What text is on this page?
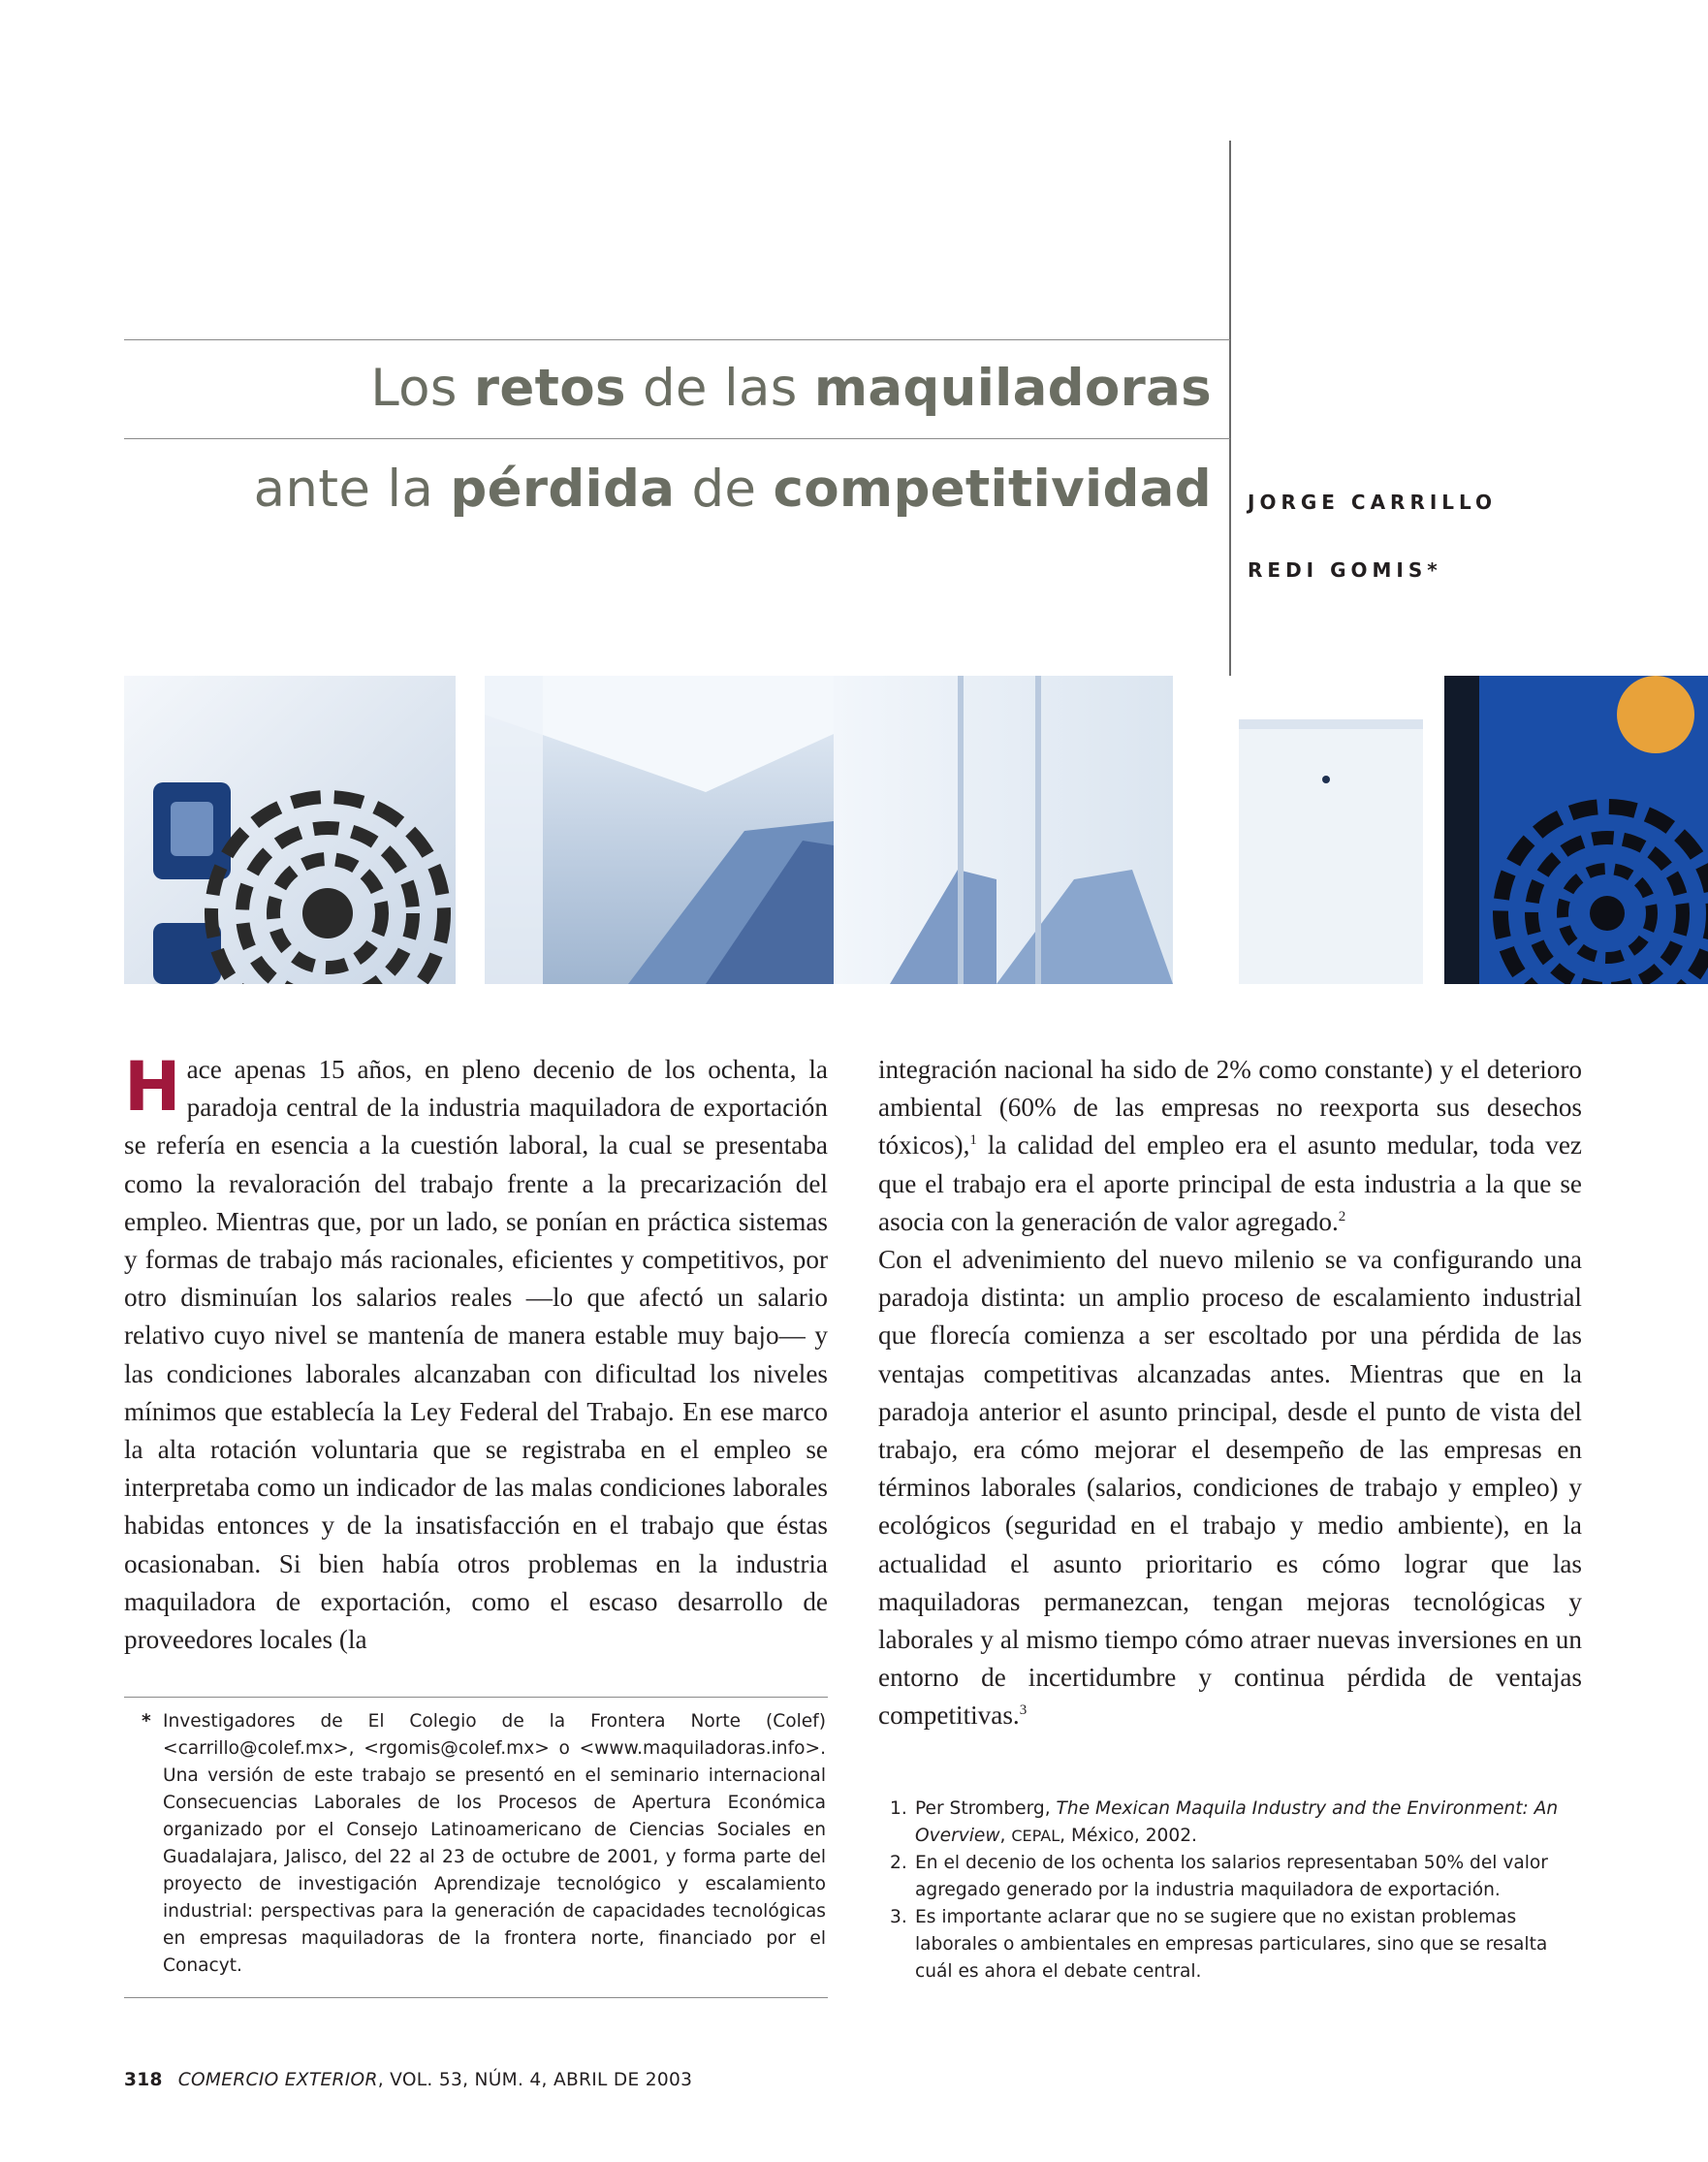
Los retos de las maquiladoras
ante la pérdida de competitividad JORGE CARRILLO
REDI GOMIS*

Hace apenas 15 años, en pleno decenio de los ochenta, la paradoja central de la industria maquiladora de exportación se refería en esencia a la cuestión laboral, la cual se presentaba como la revaloración del trabajo frente a la precarización del empleo. Mientras que, por un lado, se ponían en práctica sistemas y formas de trabajo más racionales, eficientes y competitivos, por otro disminuían los salarios reales —lo que afectó un salario relativo cuyo nivel se mantenía de manera estable muy bajo— y las condiciones laborales alcanzaban con dificultad los niveles mínimos que establecía la Ley Federal del Trabajo. En ese marco la alta rotación voluntaria que se registraba en el empleo se interpretaba como un indicador de las malas condiciones laborales habidas entonces y de la insatisfacción en el trabajo que éstas ocasionaban. Si bien había otros problemas en la industria maquiladora de exportación, como el escaso desarrollo de proveedores locales (la

* Investigadores de El Colegio de la Frontera Norte (Colef) <carrillo@colef.mx>, <rgomis@colef.mx> o <www.maquiladoras.info>. Una versión de este trabajo se presentó en el seminario internacional Consecuencias Laborales de los Procesos de Apertura Económica organizado por el Consejo Latinoamericano de Ciencias Sociales en Guadalajara, Jalisco, del 22 al 23 de octubre de 2001, y forma parte del proyecto de investigación Aprendizaje tecnológico y escalamiento industrial: perspectivas para la generación de capacidades tecnológicas en empresas maquiladoras de la frontera norte, financiado por el Conacyt.

integración nacional ha sido de 2% como constante) y el deterioro ambiental (60% de las empresas no reexporta sus desechos tóxicos),$^1$ la calidad del empleo era el asunto medular, toda vez que el trabajo era el aporte principal de esta industria a la que se asocia con la generación de valor agregado.$^2$

Con el advenimiento del nuevo milenio se va configurando una paradoja distinta: un amplio proceso de escalamiento industrial que florecía comienza a ser escoltado por una pérdida de las ventajas competitivas alcanzadas antes. Mientras que en la paradoja anterior el asunto principal, desde el punto de vista del trabajo, era cómo mejorar el desempeño de las empresas en términos laborales (salarios, condiciones de trabajo y empleo) y ecológicos (seguridad en el trabajo y medio ambiente), en la actualidad el asunto prioritario es cómo lograr que las maquiladoras permanezcan, tengan mejoras tecnológicas y laborales y al mismo tiempo cómo atraer nuevas inversiones en un entorno de incertidumbre y continua pérdida de ventajas competitivas.$^3$

1. Per Stromberg, The Mexican Maquila Industry and the Environment: An Overview, CEPAL, México, 2002.
2. En el decenio de los ochenta los salarios representaban 50% del valor agregado generado por la industria maquiladora de exportación.
3. Es importante aclarar que no se sugiere que no existan problemas laborales o ambientales en empresas particulares, sino que se resalta cuál es ahora el debate central.
318 COMERCIO EXTERIOR, VOL. 53, NÚM. 4, ABRIL DE 2003
